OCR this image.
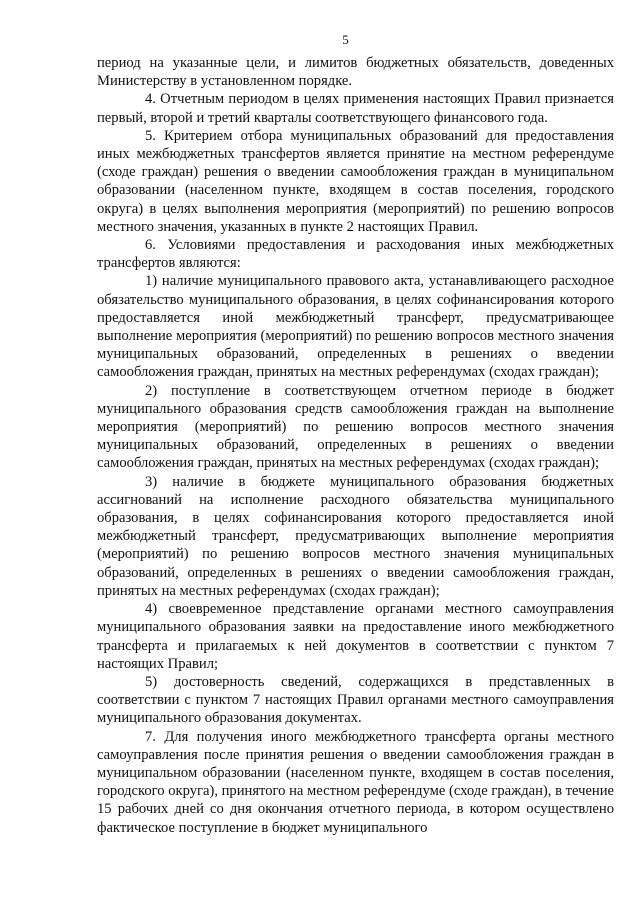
5

период на указанные цели, и лимитов бюджетных обязательств, доведенных Министерству в установленном порядке.

4. Отчетным периодом в целях применения настоящих Правил признается первый, второй и третий кварталы соответствующего финансового года.

5. Критерием отбора муниципальных образований для предоставления иных межбюджетных трансфертов является принятие на местном референдуме (сходе граждан) решения о введении самообложения граждан в муниципальном образовании (населенном пункте, входящем в состав поселения, городского округа) в целях выполнения мероприятия (мероприятий) по решению вопросов местного значения, указанных в пункте 2 настоящих Правил.

6. Условиями предоставления и расходования иных межбюджетных трансфертов являются:

1) наличие муниципального правового акта, устанавливающего расходное обязательство муниципального образования, в целях софинансирования которого предоставляется иной межбюджетный трансферт, предусматривающее выполнение мероприятия (мероприятий) по решению вопросов местного значения муниципальных образований, определенных в решениях о введении самообложения граждан, принятых на местных референдумах (сходах граждан);

2) поступление в соответствующем отчетном периоде в бюджет муниципального образования средств самообложения граждан на выполнение мероприятия (мероприятий) по решению вопросов местного значения муниципальных образований, определенных в решениях о введении самообложения граждан, принятых на местных референдумах (сходах граждан);

3) наличие в бюджете муниципального образования бюджетных ассигнований на исполнение расходного обязательства муниципального образования, в целях софинансирования которого предоставляется иной межбюджетный трансферт, предусматривающих выполнение мероприятия (мероприятий) по решению вопросов местного значения муниципальных образований, определенных в решениях о введении самообложения граждан, принятых на местных референдумах (сходах граждан);

4) своевременное представление органами местного самоуправления муниципального образования заявки на предоставление иного межбюджетного трансферта и прилагаемых к ней документов в соответствии с пунктом 7 настоящих Правил;

5) достоверность сведений, содержащихся в представленных в соответствии с пунктом 7 настоящих Правил органами местного самоуправления муниципального образования документах.

7. Для получения иного межбюджетного трансферта органы местного самоуправления после принятия решения о введении самообложения граждан в муниципальном образовании (населенном пункте, входящем в состав поселения, городского округа), принятого на местном референдуме (сходе граждан), в течение 15 рабочих дней со дня окончания отчетного периода, в котором осуществлено фактическое поступление в бюджет муниципального
